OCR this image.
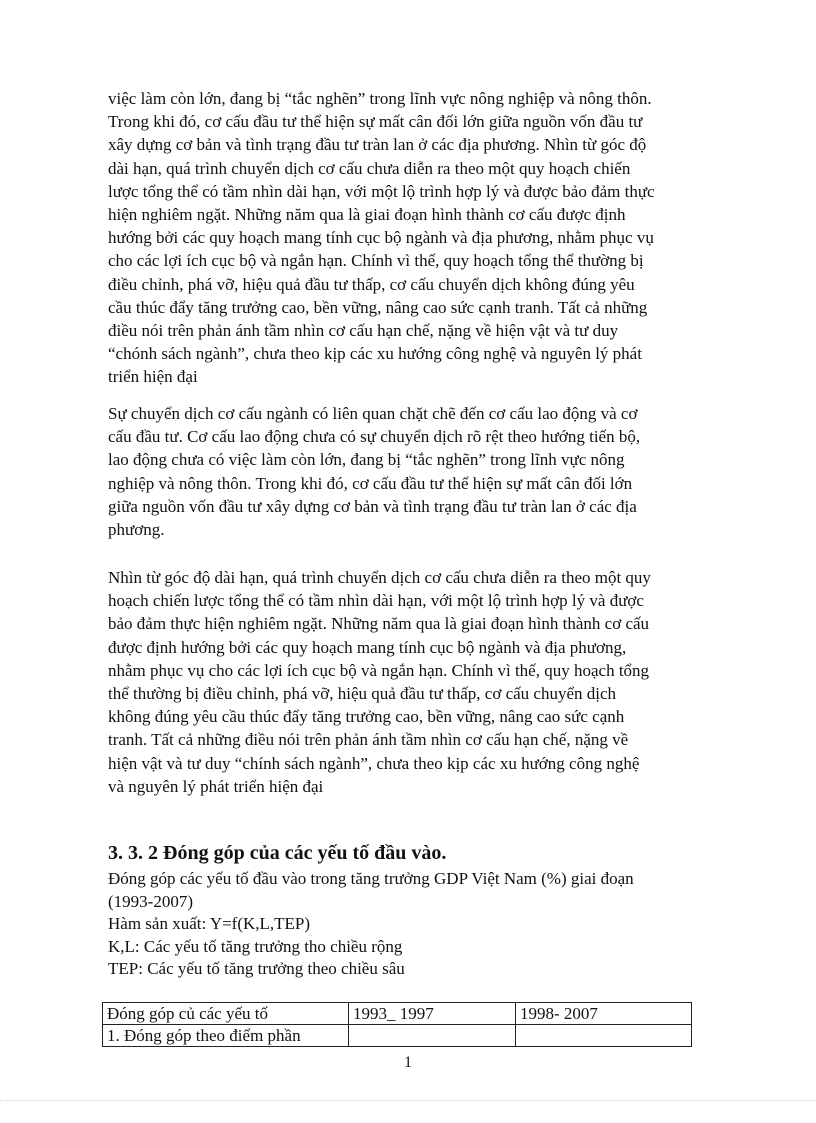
việc làm còn lớn, đang bị “tắc nghẽn” trong lĩnh vực nông nghiệp và nông thôn.
Trong khi đó, cơ cấu đầu tư thể hiện sự mất cân đối lớn giữa nguồn vốn đầu tư
xây dựng cơ bản và tình trạng đầu tư tràn lan ở các địa phương. Nhìn từ góc độ
dài hạn, quá trình chuyển dịch cơ cấu chưa diễn ra theo một quy hoạch chiến
lược tổng thể có tầm nhìn dài hạn, với một lộ trình hợp lý và được bảo đảm thực
hiện nghiêm ngặt. Những năm qua là giai đoạn hình thành cơ cấu được định
hướng bởi các quy hoạch mang tính cục bộ ngành và địa phương, nhằm phục vụ
cho các lợi ích cục bộ và ngắn hạn. Chính vì thế, quy hoạch tổng thể thường bị
điều chỉnh, phá vỡ, hiệu quả đầu tư thấp, cơ cấu chuyển dịch không đúng yêu
cầu thúc đẩy tăng trưởng cao, bền vững, nâng cao sức cạnh tranh. Tất cả những
điều nói trên phản ánh tầm nhìn cơ cấu hạn chế, nặng về hiện vật và tư duy
“chónh sách ngành”, chưa theo kịp các xu hướng công nghệ và nguyên lý phát
triển hiện đại
Sự chuyển dịch cơ cấu ngành có liên quan chặt chẽ đến cơ cấu lao động và cơ
cấu đầu tư. Cơ cấu lao động chưa có sự chuyển dịch rõ rệt theo hướng tiến bộ,
lao động chưa có việc làm còn lớn, đang bị “tắc nghẽn” trong lĩnh vực nông
nghiệp và nông thôn. Trong khi đó, cơ cấu đầu tư thể hiện sự mất cân đối lớn
giữa nguồn vốn đầu tư xây dựng cơ bản và tình trạng đầu tư tràn lan ở các địa
phương.
Nhìn từ góc độ dài hạn, quá trình chuyển dịch cơ cấu chưa diễn ra theo một quy
hoạch chiến lược tổng thể có tầm nhìn dài hạn, với một lộ trình hợp lý và được
bảo đảm thực hiện nghiêm ngặt. Những năm qua là giai đoạn hình thành cơ cấu
được định hướng bởi các quy hoạch mang tính cục bộ ngành và địa phương,
nhằm phục vụ cho các lợi ích cục bộ và ngắn hạn. Chính vì thế, quy hoạch tổng
thể thường bị điều chỉnh, phá vỡ, hiệu quả đầu tư thấp, cơ cấu chuyển dịch
không đúng yêu cầu thúc đẩy tăng trưởng cao, bền vững, nâng cao sức cạnh
tranh. Tất cả những điều nói trên phản ánh tầm nhìn cơ cấu hạn chế, nặng về
hiện vật và tư duy “chính sách ngành”, chưa theo kịp các xu hướng công nghệ
và nguyên lý phát triển hiện đại
3. 3. 2 Đóng góp của các yếu tố đầu vào.
Đóng góp các yếu tố đầu vào trong tăng trưởng GDP Việt Nam (%) giai đoạn
(1993-2007)
Hàm sản xuất: Y=f(K,L,TEP)
K,L: Các yếu tố tăng trưởng tho chiều rộng
TEP: Các yếu tố tăng trưởng theo chiều sâu
Đóng góp củ các yếu tố	1993_ 1997	1998- 2007
1. Đóng góp theo điểm phần		
1
